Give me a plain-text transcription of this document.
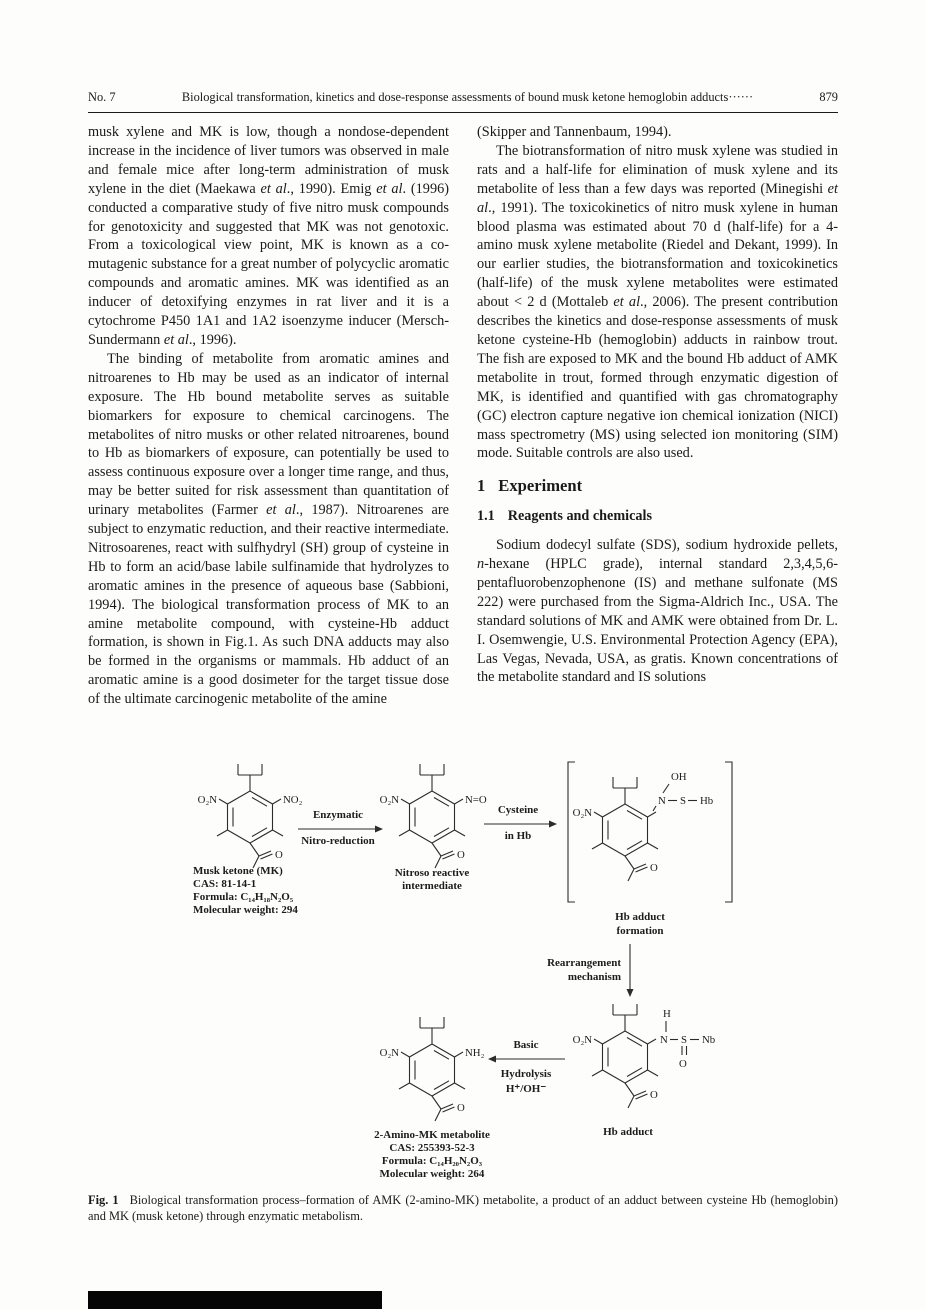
No. 7	Biological transformation, kinetics and dose-response assessments of bound musk ketone hemoglobin adducts······	879

musk xylene and MK is low, though a nondose-dependent increase in the incidence of liver tumors was observed in male and female mice after long-term administration of musk xylene in the diet (Maekawa et al., 1990). Emig et al. (1996) conducted a comparative study of five nitro musk compounds for genotoxicity and suggested that MK was not genotoxic. From a toxicological view point, MK is known as a co-mutagenic substance for a great number of polycyclic aromatic compounds and aromatic amines. MK was identified as an inducer of detoxifying enzymes in rat liver and it is a cytochrome P450 1A1 and 1A2 isoenzyme inducer (Mersch-Sundermann et al., 1996).

The binding of metabolite from aromatic amines and nitroarenes to Hb may be used as an indicator of internal exposure. The Hb bound metabolite serves as suitable biomarkers for exposure to chemical carcinogens. The metabolites of nitro musks or other related nitroarenes, bound to Hb as biomarkers of exposure, can potentially be used to assess continuous exposure over a longer time range, and thus, may be better suited for risk assessment than quantitation of urinary metabolites (Farmer et al., 1987). Nitroarenes are subject to enzymatic reduction, and their reactive intermediate. Nitrosoarenes, react with sulfhydryl (SH) group of cysteine in Hb to form an acid/base labile sulfinamide that hydrolyzes to aromatic amines in the presence of aqueous base (Sabbioni, 1994). The biological transformation process of MK to an amine metabolite compound, with cysteine-Hb adduct formation, is shown in Fig.1. As such DNA adducts may also be formed in the organisms or mammals. Hb adduct of an aromatic amine is a good dosimeter for the target tissue dose of the ultimate carcinogenic metabolite of the amine

(Skipper and Tannenbaum, 1994).

The biotransformation of nitro musk xylene was studied in rats and a half-life for elimination of musk xylene and its metabolite of less than a few days was reported (Minegishi et al., 1991). The toxicokinetics of nitro musk xylene in human blood plasma was estimated about 70 d (half-life) for a 4-amino musk xylene metabolite (Riedel and Dekant, 1999). In our earlier studies, the biotransformation and toxicokinetics (half-life) of the musk xylene metabolites were estimated about < 2 d (Mottaleb et al., 2006). The present contribution describes the kinetics and dose-response assessments of musk ketone cysteine-Hb (hemoglobin) adducts in rainbow trout. The fish are exposed to MK and the bound Hb adduct of AMK metabolite in trout, formed through enzymatic digestion of MK, is identified and quantified with gas chromatography (GC) electron capture negative ion chemical ionization (NICI) mass spectrometry (MS) using selected ion monitoring (SIM) mode. Suitable controls are also used.

1 Experiment
1.1 Reagents and chemicals

Sodium dodecyl sulfate (SDS), sodium hydroxide pellets, n-hexane (HPLC grade), internal standard 2,3,4,5,6-pentafluorobenzophenone (IS) and methane sulfonate (MS 222) were purchased from the Sigma-Aldrich Inc., USA. The standard solutions of MK and AMK were obtained from Dr. L. I. Osemwengie, U.S. Environmental Protection Agency (EPA), Las Vegas, Nevada, USA, as gratis. Known concentrations of the metabolite standard and IS solutions

O₂N	NO₂
O
Musk ketone (MK)
CAS: 81-14-1
Formula: C₁₄H₁₈N₂O₅
Molecular weight: 294
Enzymatic
Nitro-reduction
O₂N	N=O
O
Nitroso reactive
intermediate
Cysteine
in Hb
O₂N
O
N
OH
S Hb
Hb adduct
formation
Rearrangement
mechanism
O₂N
O
H
N S
O
Nb
Hb adduct
Basic
Hydrolysis
H⁺/OH⁻
O₂N	NH₂
O
2-Amino-MK metabolite
CAS: 255393-52-3
Formula: C₁₄H₂₀N₂O₃
Molecular weight: 264

Fig. 1 Biological transformation process–formation of AMK (2-amino-MK) metabolite, a product of an adduct between cysteine Hb (hemoglobin) and MK (musk ketone) through enzymatic metabolism.
